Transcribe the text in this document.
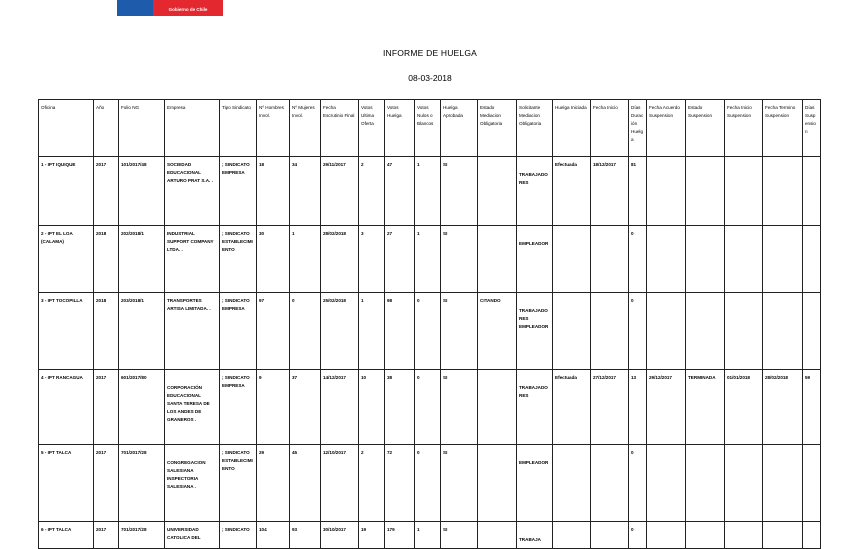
Gobierno de Chile
INFORME DE HUELGA
08-03-2018
Oficina	Año	Folio NG	Empresa	Tipo Sindicato	Nº Hombres Invol.	Nº Mujeres Invol.	Fecha Escrutinio Final	Votos Ultima Oferta	Votos Huelga	Votos Nulos o Blancos	Huelga Aprobada	Estado Mediacion Obligatoria	Solicitante Mediacion Obligatoria	Huelga Iniciada	Fecha Inicio	Días Duración Huelga	Fecha Acuerdo Suspension	Estado Suspension	Fecha Inicio Suspension	Fecha Termino Suspension	Días Suspension
1 - IPT IQUIQUE	2017	101/2017/48	SOCIEDAD EDUCACIONAL ARTURO PRAT S.A. .	; SINDICATO EMPRESA	18	34	29/11/2017	2	47	1	SI		TRABAJADORES	Efectuada	18/12/2017	81					
2 - IPT EL LOA (CALAMA)	2018	202/2018/1	INDUSTRIAL SUPPORT COMPANY LTDA. .	; SINDICATO ESTABLECIMIENTO	30	1	28/02/2018	3	27	1	SI		EMPLEADOR			0					
3 - IPT TOCOPILLA	2018	203/2018/1	TRANSPORTES ARTISA LIMITADA. .	; SINDICATO EMPRESA	97	0	25/02/2018	1	98	0	SI	CITANDO	TRABAJADORES EMPLEADOR			0					
4 - IPT RANCAGUA	2017	601/2017/80	CORPORACIÓN EDUCACIONAL SANTA TERESA DE LOS ANDES DE GRANEROS .	; SINDICATO EMPRESA	9	37	14/12/2017	10	38	0	SI		TRABAJADORES	Efectuada	27/12/2017	13	29/12/2017	TERMINADA	01/01/2018	28/02/2018	59
5 - IPT TALCA	2017	701/2017/28	CONGREGACION SALESIANA INSPECTORIA SALESIANA .	; SINDICATO ESTABLECIMIENTO	29	45	12/10/2017	2	72	0	SI		EMPLEADOR			0					
6 - IPT TALCA	2017	701/2017/28	UNIVERSIDAD CATOLICA DEL	; SINDICATO	104	93	30/10/2017	19	179	1	SI		TRABAJA			0					
